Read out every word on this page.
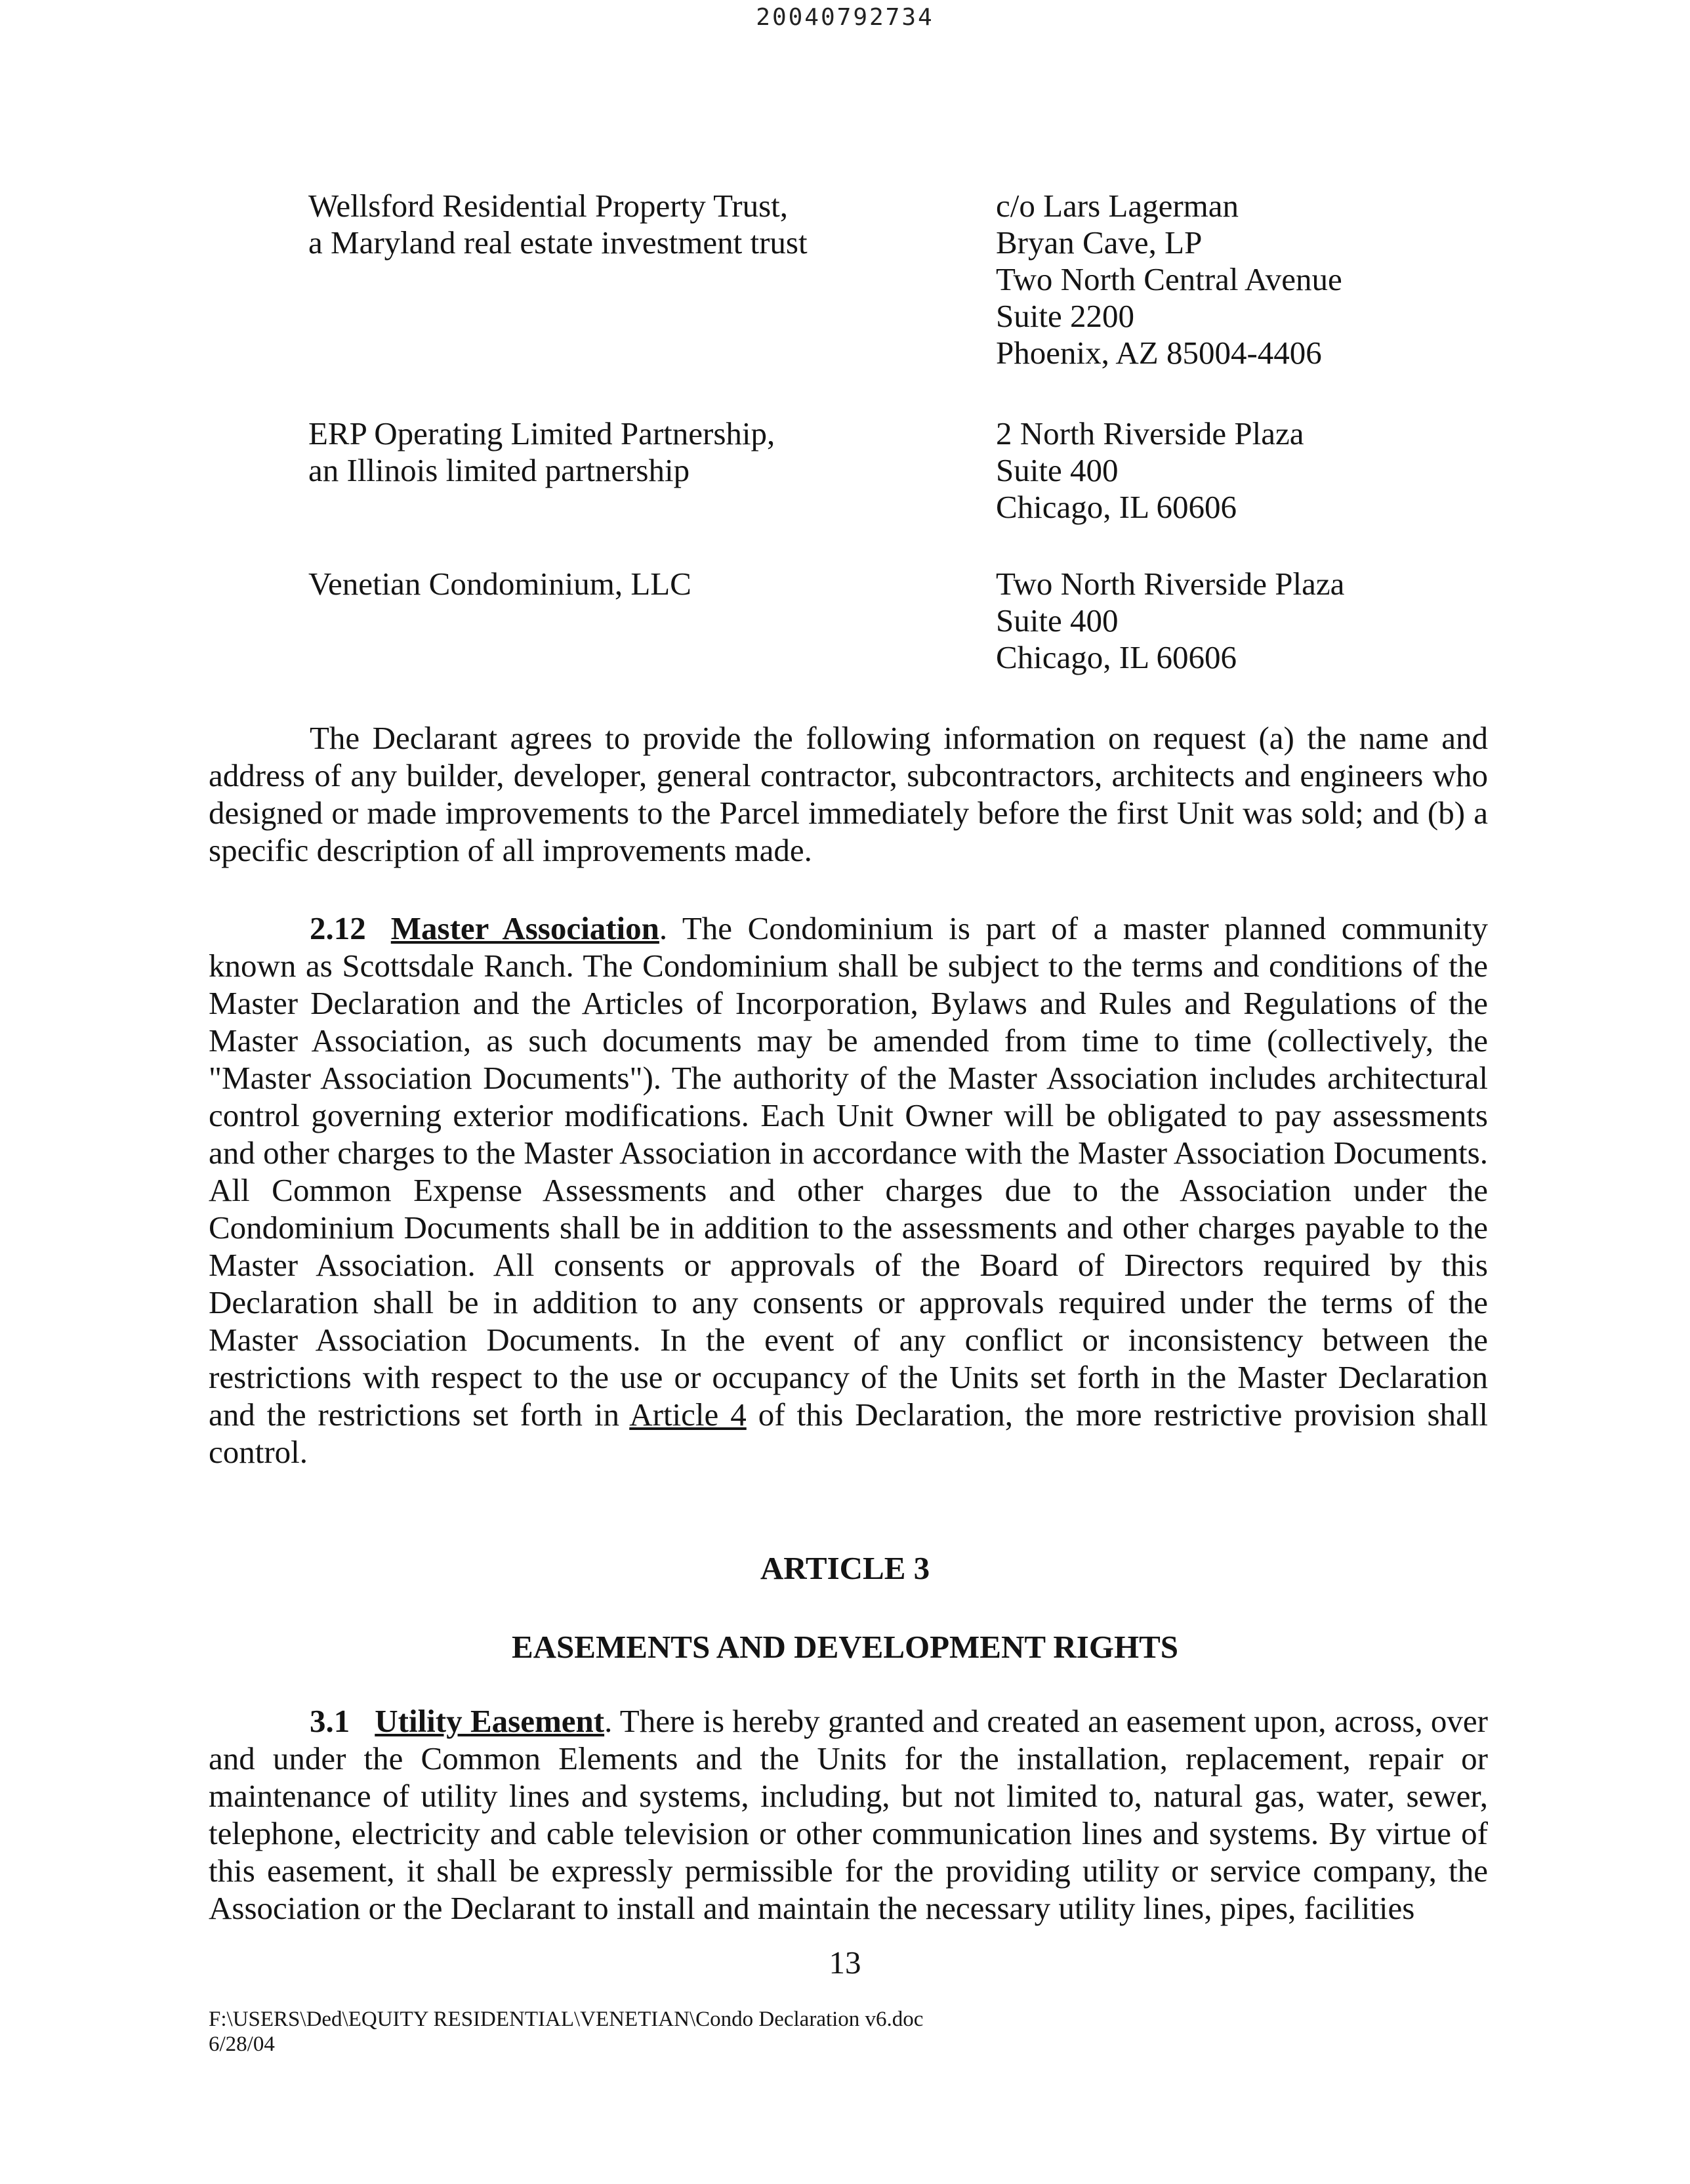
20040792734
Wellsford Residential Property Trust,
a Maryland real estate investment trust
c/o Lars Lagerman
Bryan Cave, LP
Two North Central Avenue
Suite 2200
Phoenix, AZ 85004-4406
ERP Operating Limited Partnership,
an Illinois limited partnership
2 North Riverside Plaza
Suite 400
Chicago, IL 60606
Venetian Condominium, LLC	Two North Riverside Plaza
Suite 400
Chicago, IL 60606
The Declarant agrees to provide the following information on request (a) the name and address of any builder, developer, general contractor, subcontractors, architects and engineers who designed or made improvements to the Parcel immediately before the first Unit was sold; and (b) a specific description of all improvements made.
2.12 Master Association. The Condominium is part of a master planned community known as Scottsdale Ranch. The Condominium shall be subject to the terms and conditions of the Master Declaration and the Articles of Incorporation, Bylaws and Rules and Regulations of the Master Association, as such documents may be amended from time to time (collectively, the "Master Association Documents"). The authority of the Master Association includes architectural control governing exterior modifications. Each Unit Owner will be obligated to pay assessments and other charges to the Master Association in accordance with the Master Association Documents. All Common Expense Assessments and other charges due to the Association under the Condominium Documents shall be in addition to the assessments and other charges payable to the Master Association. All consents or approvals of the Board of Directors required by this Declaration shall be in addition to any consents or approvals required under the terms of the Master Association Documents. In the event of any conflict or inconsistency between the restrictions with respect to the use or occupancy of the Units set forth in the Master Declaration and the restrictions set forth in Article 4 of this Declaration, the more restrictive provision shall control.
ARTICLE 3
EASEMENTS AND DEVELOPMENT RIGHTS
3.1 Utility Easement. There is hereby granted and created an easement upon, across, over and under the Common Elements and the Units for the installation, replacement, repair or maintenance of utility lines and systems, including, but not limited to, natural gas, water, sewer, telephone, electricity and cable television or other communication lines and systems. By virtue of this easement, it shall be expressly permissible for the providing utility or service company, the Association or the Declarant to install and maintain the necessary utility lines, pipes, facilities
13
F:\USERS\Ded\EQUITY RESIDENTIAL\VENETIAN\Condo Declaration v6.doc
6/28/04
